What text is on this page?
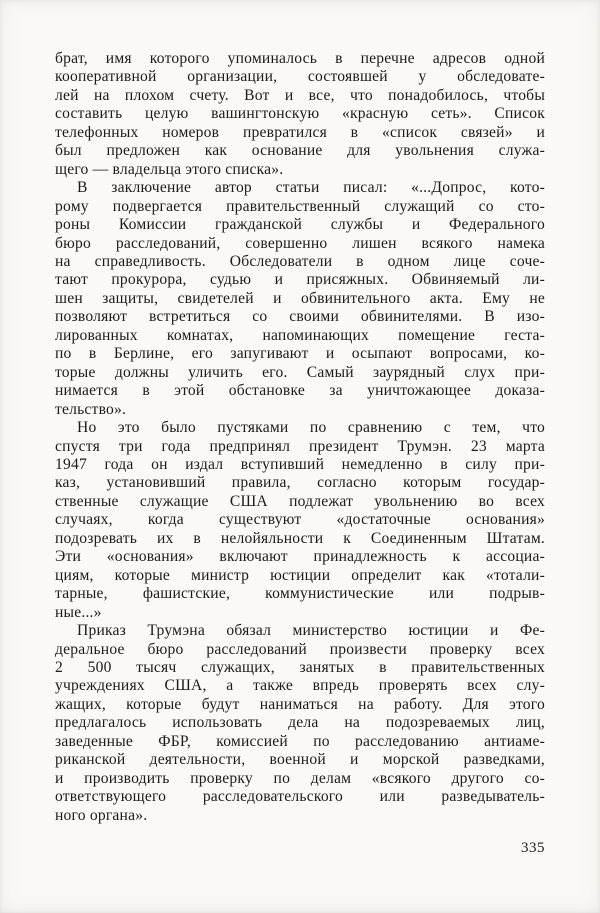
брат, имя которого упоминалось в перечне адресов одной
кооперативной организации, состоявшей у обследовате-
лей на плохом счету. Вот и все, что понадобилось, чтобы
составить целую вашингтонскую «красную сеть». Список
телефонных номеров превратился в «список связей» и
был предложен как основание для увольнения служа-
щего — владельца этого списка».
В заключение автор статьи писал: «...Допрос, кото-
рому подвергается правительственный служащий со сто-
роны Комиссии гражданской службы и Федерального
бюро расследований, совершенно лишен всякого намека
на справедливость. Обследователи в одном лице соче-
тают прокурора, судью и присяжных. Обвиняемый ли-
шен защиты, свидетелей и обвинительного акта. Ему не
позволяют встретиться со своими обвинителями. В изо-
лированных комнатах, напоминающих помещение геста-
по в Берлине, его запугивают и осыпают вопросами, ко-
торые должны уличить его. Самый заурядный слух при-
нимается в этой обстановке за уничтожающее доказа-
тельство».
Но это было пустяками по сравнению с тем, что
спустя три года предпринял президент Трумэн. 23 марта
1947 года он издал вступивший немедленно в силу при-
каз, установивший правила, согласно которым государ-
ственные служащие США подлежат увольнению во всех
случаях, когда существуют «достаточные основания»
подозревать их в нелойяльности к Соединенным Штатам.
Эти «основания» включают принадлежность к ассоциа-
циям, которые министр юстиции определит как «тотали-
тарные, фашистские, коммунистические или подрыв-
ные...»
Приказ Трумэна обязал министерство юстиции и Фе-
деральное бюро расследований произвести проверку всех
2 500 тысяч служащих, занятых в правительственных
учреждениях США, а также впредь проверять всех слу-
жащих, которые будут наниматься на работу. Для этого
предлагалось использовать дела на подозреваемых лиц,
заведенные ФБР, комиссией по расследованию антиаме-
риканской деятельности, военной и морской разведками,
и производить проверку по делам «всякого другого со-
ответствующего расследовательского или разведыватель-
ного органа».
335
